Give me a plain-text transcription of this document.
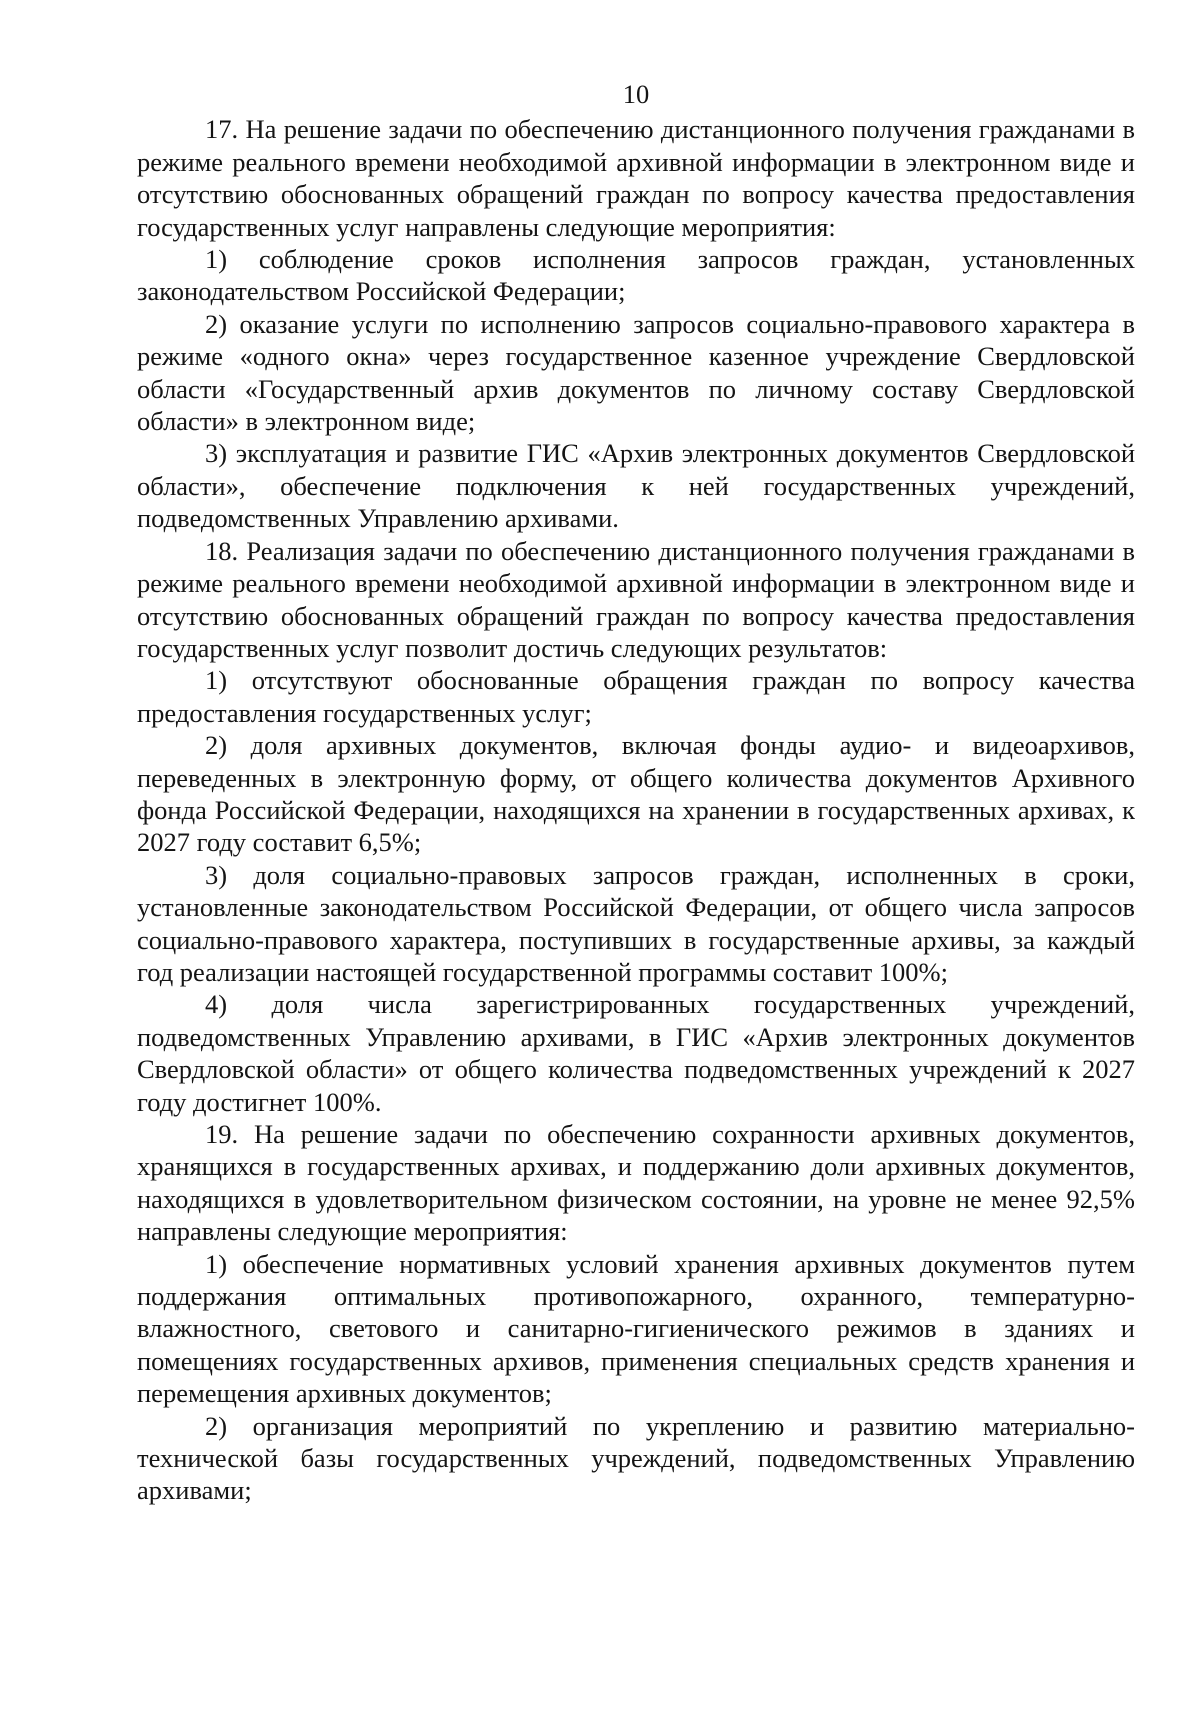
10

17. На решение задачи по обеспечению дистанционного получения гражданами в режиме реального времени необходимой архивной информации в электронном виде и отсутствию обоснованных обращений граждан по вопросу качества предоставления государственных услуг направлены следующие мероприятия:

1) соблюдение сроков исполнения запросов граждан, установленных законодательством Российской Федерации;

2) оказание услуги по исполнению запросов социально-правового характера в режиме «одного окна» через государственное казенное учреждение Свердловской области «Государственный архив документов по личному составу Свердловской области» в электронном виде;

3) эксплуатация и развитие ГИС «Архив электронных документов Свердловской области», обеспечение подключения к ней государственных учреждений, подведомственных Управлению архивами.

18. Реализация задачи по обеспечению дистанционного получения гражданами в режиме реального времени необходимой архивной информации в электронном виде и отсутствию обоснованных обращений граждан по вопросу качества предоставления государственных услуг позволит достичь следующих результатов:

1) отсутствуют обоснованные обращения граждан по вопросу качества предоставления государственных услуг;

2) доля архивных документов, включая фонды аудио- и видеоархивов, переведенных в электронную форму, от общего количества документов Архивного фонда Российской Федерации, находящихся на хранении в государственных архивах, к 2027 году составит 6,5%;

3) доля социально-правовых запросов граждан, исполненных в сроки, установленные законодательством Российской Федерации, от общего числа запросов социально-правового характера, поступивших в государственные архивы, за каждый год реализации настоящей государственной программы составит 100%;

4) доля числа зарегистрированных государственных учреждений, подведомственных Управлению архивами, в ГИС «Архив электронных документов Свердловской области» от общего количества подведомственных учреждений к 2027 году достигнет 100%.

19. На решение задачи по обеспечению сохранности архивных документов, хранящихся в государственных архивах, и поддержанию доли архивных документов, находящихся в удовлетворительном физическом состоянии, на уровне не менее 92,5% направлены следующие мероприятия:

1) обеспечение нормативных условий хранения архивных документов путем поддержания оптимальных противопожарного, охранного, температурно-влажностного, светового и санитарно-гигиенического режимов в зданиях и помещениях государственных архивов, применения специальных средств хранения и перемещения архивных документов;

2) организация мероприятий по укреплению и развитию материально-технической базы государственных учреждений, подведомственных Управлению архивами;
